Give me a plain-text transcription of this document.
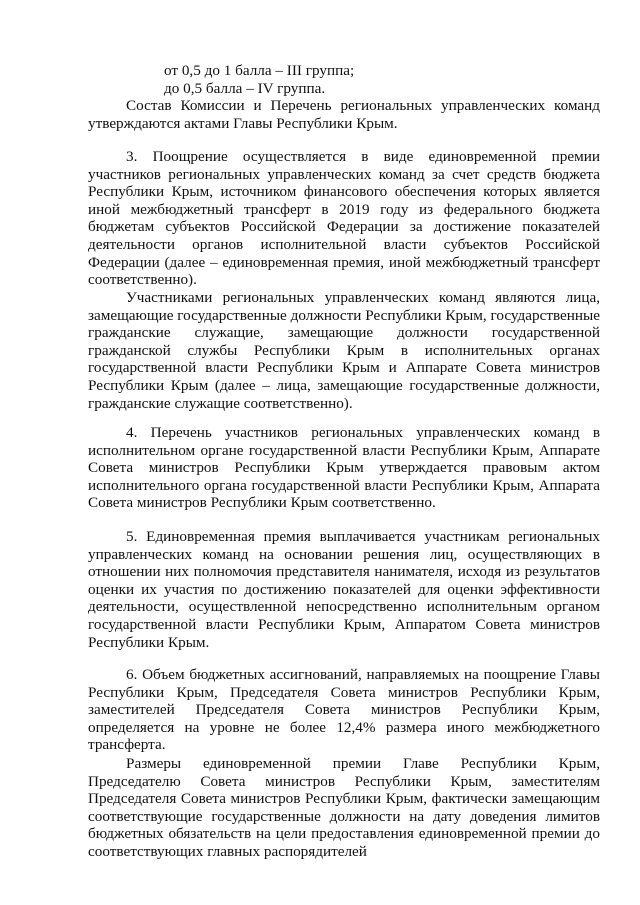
от 0,5 до 1 балла – III группа;

до 0,5 балла – IV группа.

Состав Комиссии и Перечень региональных управленческих команд утверждаются актами Главы Республики Крым.

3. Поощрение осуществляется в виде единовременной премии участников региональных управленческих команд за счет средств бюджета Республики Крым, источником финансового обеспечения которых является иной межбюджетный трансферт в 2019 году из федерального бюджета бюджетам субъектов Российской Федерации за достижение показателей деятельности органов исполнительной власти субъектов Российской Федерации (далее – единовременная премия, иной межбюджетный трансферт соответственно).

Участниками региональных управленческих команд являются лица, замещающие государственные должности Республики Крым, государственные гражданские служащие, замещающие должности государственной гражданской службы Республики Крым в исполнительных органах государственной власти Республики Крым и Аппарате Совета министров Республики Крым (далее – лица, замещающие государственные должности, гражданские служащие соответственно).

4. Перечень участников региональных управленческих команд в исполнительном органе государственной власти Республики Крым, Аппарате Совета министров Республики Крым утверждается правовым актом исполнительного органа государственной власти Республики Крым, Аппарата Совета министров Республики Крым соответственно.

5. Единовременная премия выплачивается участникам региональных управленческих команд на основании решения лиц, осуществляющих в отношении них полномочия представителя нанимателя, исходя из результатов оценки их участия по достижению показателей для оценки эффективности деятельности, осуществленной непосредственно исполнительным органом государственной власти Республики Крым, Аппаратом Совета министров Республики Крым.

6. Объем бюджетных ассигнований, направляемых на поощрение Главы Республики Крым, Председателя Совета министров Республики Крым, заместителей Председателя Совета министров Республики Крым, определяется на уровне не более 12,4% размера иного межбюджетного трансферта.

Размеры единовременной премии Главе Республики Крым, Председателю Совета министров Республики Крым, заместителям Председателя Совета министров Республики Крым, фактически замещающим соответствующие государственные должности на дату доведения лимитов бюджетных обязательств на цели предоставления единовременной премии до соответствующих главных распорядителей
